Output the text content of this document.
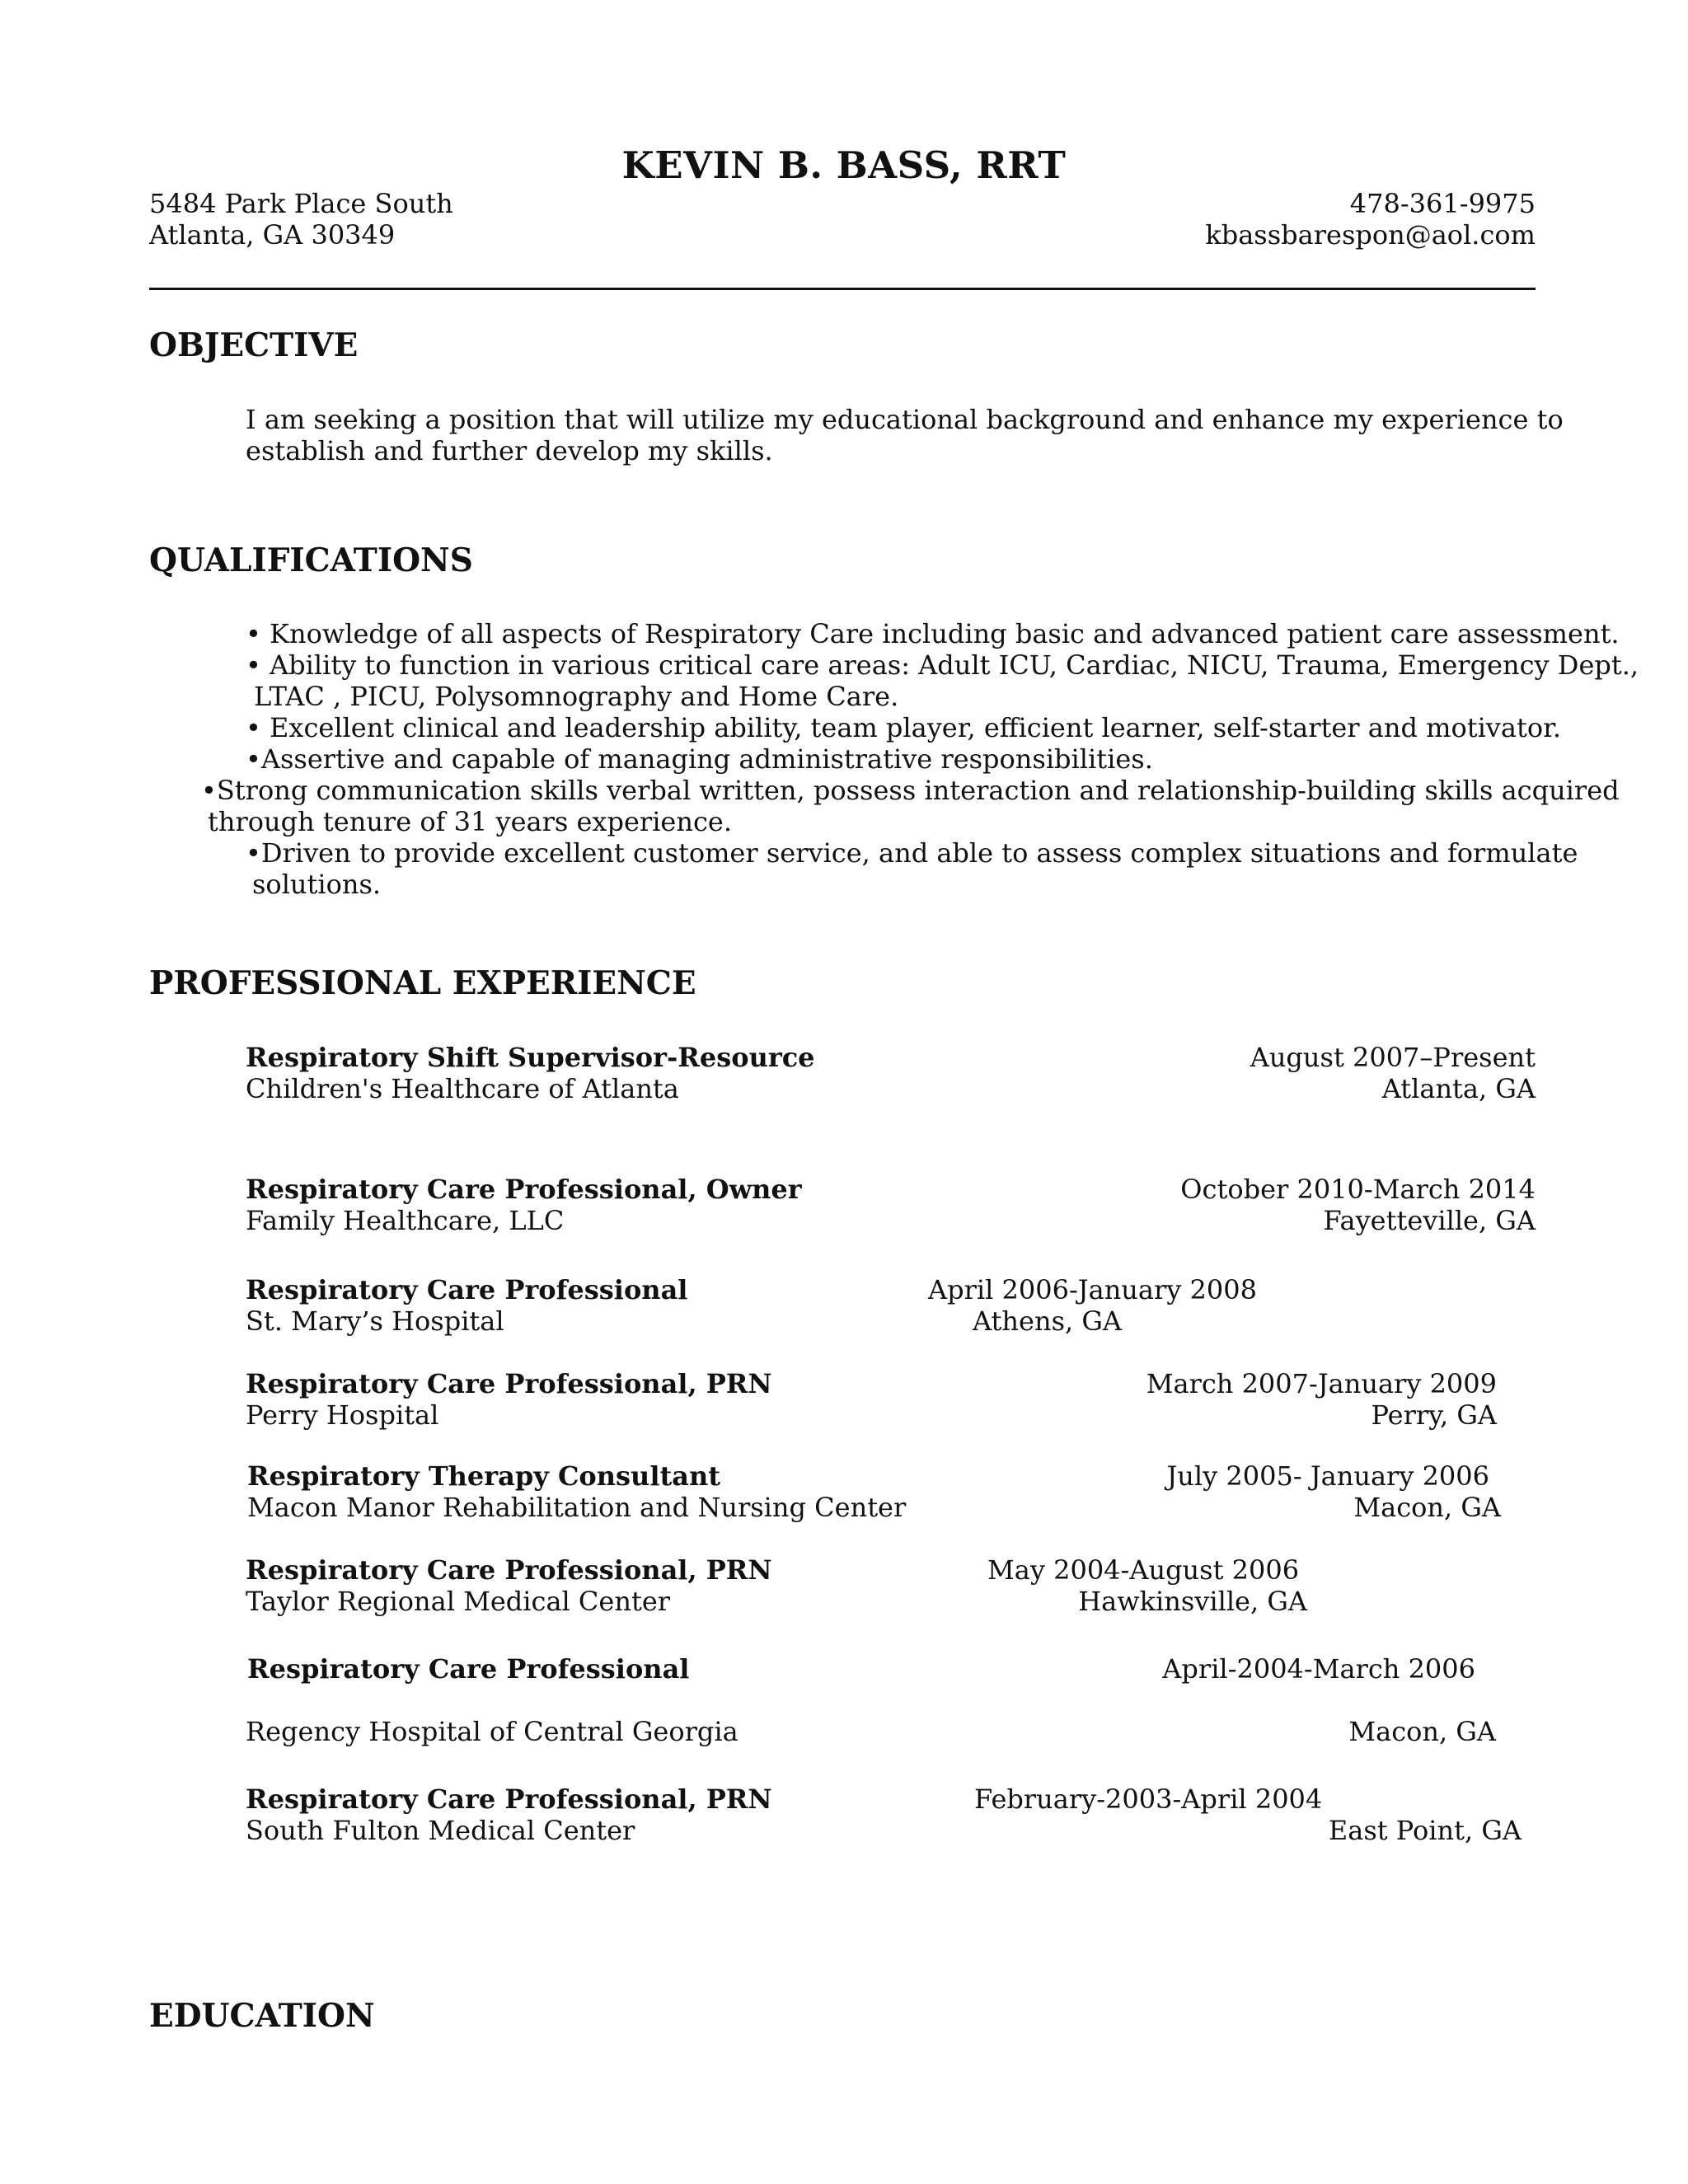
KEVIN B. BASS, RRT
5484 Park Place South
Atlanta, GA 30349
478-361-9975
kbassbarespon@aol.com
OBJECTIVE
I am seeking a position that will utilize my educational background and enhance my experience to
establish and further develop my skills.
QUALIFICATIONS
• Knowledge of all aspects of Respiratory Care including basic and advanced patient care assessment.
• Ability to function in various critical care areas: Adult ICU, Cardiac, NICU, Trauma, Emergency Dept.,
LTAC , PICU, Polysomnography and Home Care.
• Excellent clinical and leadership ability, team player, efficient learner, self-starter and motivator.
•Assertive and capable of managing administrative responsibilities.
•Strong communication skills verbal written, possess interaction and relationship-building skills acquired
through tenure of 31 years experience.
•Driven to provide excellent customer service, and able to assess complex situations and formulate
solutions.
PROFESSIONAL EXPERIENCE
Respiratory Shift Supervisor-Resource
Children's Healthcare of Atlanta
August 2007–Present
Atlanta, GA
Respiratory Care Professional, Owner
Family Healthcare, LLC
October 2010-March 2014
Fayetteville, GA
Respiratory Care Professional
St. Mary’s Hospital
April 2006-January 2008
Athens, GA
Respiratory Care Professional, PRN
Perry Hospital
March 2007-January 2009
Perry, GA
Respiratory Therapy Consultant
Macon Manor Rehabilitation and Nursing Center
July 2005- January 2006
Macon, GA
Respiratory Care Professional, PRN
Taylor Regional Medical Center
May 2004-August 2006
Hawkinsville, GA
Respiratory Care Professional
Regency Hospital of Central Georgia
April-2004-March 2006
Macon, GA
Respiratory Care Professional, PRN
South Fulton Medical Center
February-2003-April 2004
East Point, GA
EDUCATION
